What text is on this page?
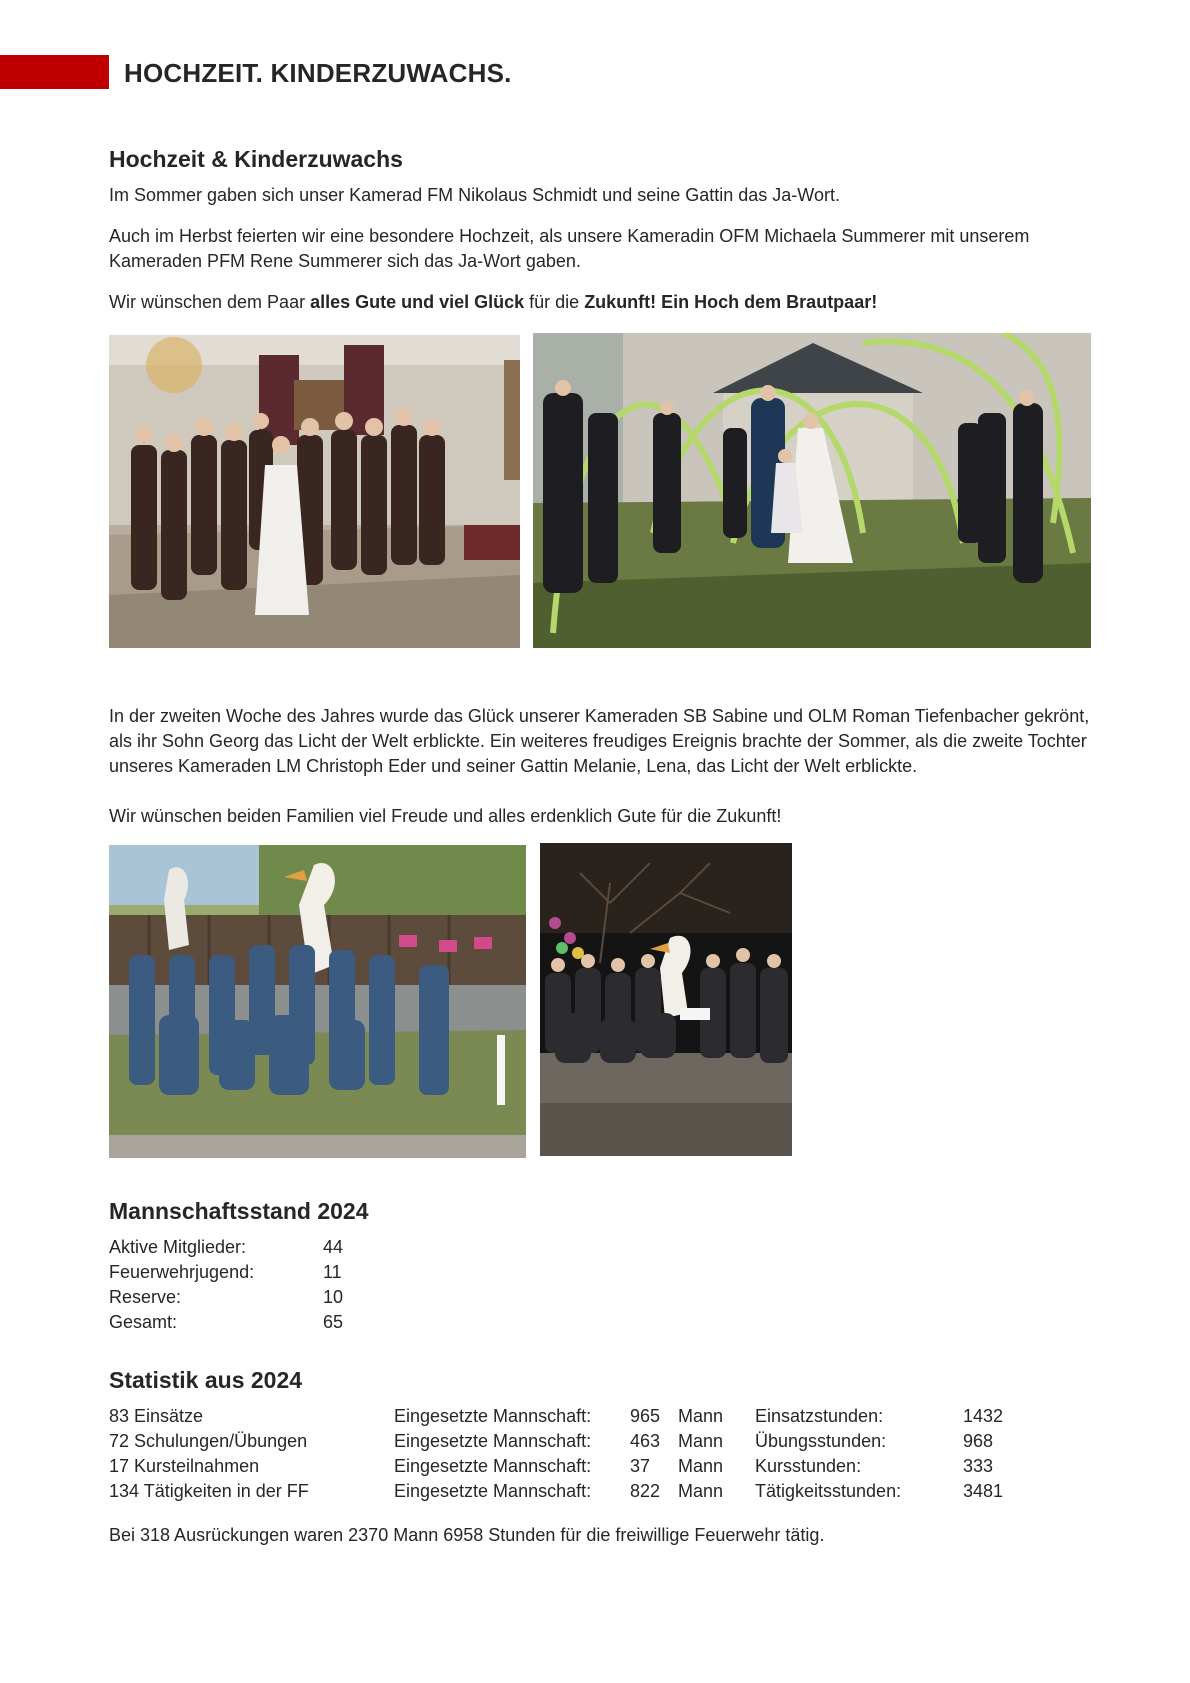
HOCHZEIT. KINDERZUWACHS.
Hochzeit & Kinderzuwachs

Im Sommer gaben sich unser Kamerad FM Nikolaus Schmidt und seine Gattin das Ja-Wort.

Auch im Herbst feierten wir eine besondere Hochzeit, als unsere Kameradin OFM Michaela Summerer mit unserem Kameraden PFM Rene Summerer sich das Ja-Wort gaben.

Wir wünschen dem Paar alles Gute und viel Glück für die Zukunft! Ein Hoch dem Brautpaar!

In der zweiten Woche des Jahres wurde das Glück unserer Kameraden SB Sabine und OLM Roman Tiefenbacher gekrönt, als ihr Sohn Georg das Licht der Welt erblickte. Ein weiteres freudiges Ereignis brachte der Sommer, als die zweite Tochter unseres Kameraden LM Christoph Eder und seiner Gattin Melanie, Lena, das Licht der Welt erblickte.

Wir wünschen beiden Familien viel Freude und alles erdenklich Gute für die Zukunft!

Mannschaftsstand 2024
Aktive Mitglieder:	44
Feuerwehrjugend:	11
Reserve:	10
Gesamt:	65
Statistik aus 2024
83 Einsätze	Eingesetzte Mannschaft:	965	Mann	Einsatzstunden:	1432
72 Schulungen/Übungen	Eingesetzte Mannschaft:	463	Mann	Übungsstunden:	968
17 Kursteilnahmen	Eingesetzte Mannschaft:	37	Mann	Kursstunden:	333
134 Tätigkeiten in der FF	Eingesetzte Mannschaft:	822	Mann	Tätigkeitsstunden:	3481

Bei 318 Ausrückungen waren 2370 Mann 6958 Stunden für die freiwillige Feuerwehr tätig.
